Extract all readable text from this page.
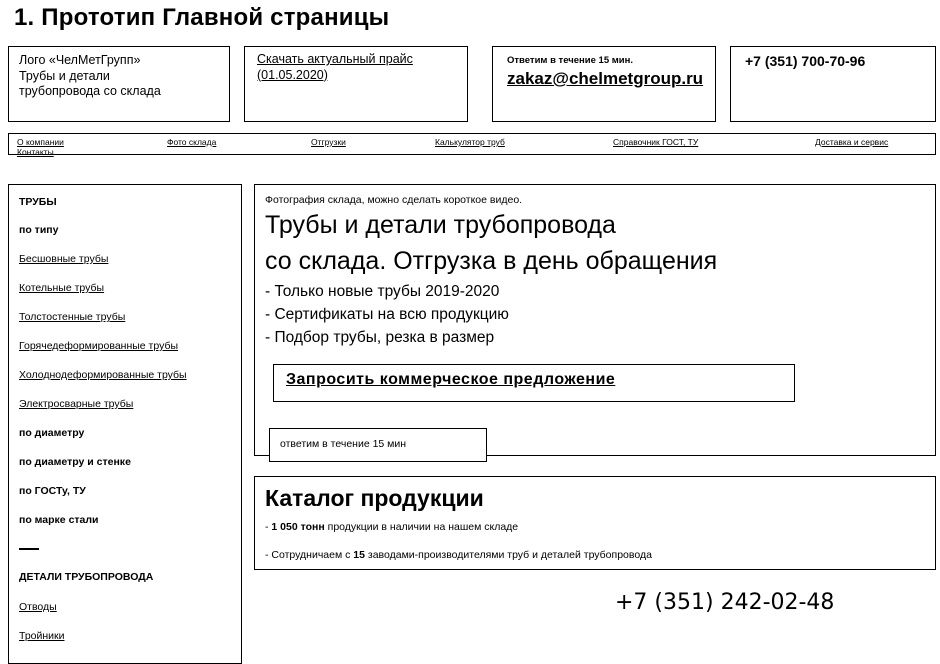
1. Прототип Главной страницы
Лого «ЧелМетГрупп»
Трубы и детали
трубопровода со склада
Скачать актуальный прайс
(01.05.2020)
Ответим в течение 15 мин.
zakaz@chelmetgroup.ru
+7 (351) 700-70-96
О компании	Фото склада	Отгрузки	Калькулятор труб	Справочник ГОСТ, ТУ	Доставка и сервис
Контакты
ТРУБЫ
по типу
Бесшовные трубы
Котельные трубы
Толстостенные трубы
Горячедеформированные трубы
Холоднодеформированные трубы
Электросварные трубы
по диаметру
по диаметру и стенке
по ГОСТу, ТУ
по марке стали
ДЕТАЛИ ТРУБОПРОВОДА
Отводы
Тройники
Фотография склада, можно сделать короткое видео.
Трубы и детали трубопровода
со склада. Отгрузка в день обращения
- Только новые трубы 2019-2020
- Сертификаты на всю продукцию
- Подбор трубы, резка в размер
Запросить коммерческое предложение
ответим в течение 15 мин
Каталог продукции
- 1 050 тонн продукции в наличии на нашем складе
- Сотрудничаем с 15 заводами-производителями труб и деталей трубопровода
+7 (351) 242-02-48
